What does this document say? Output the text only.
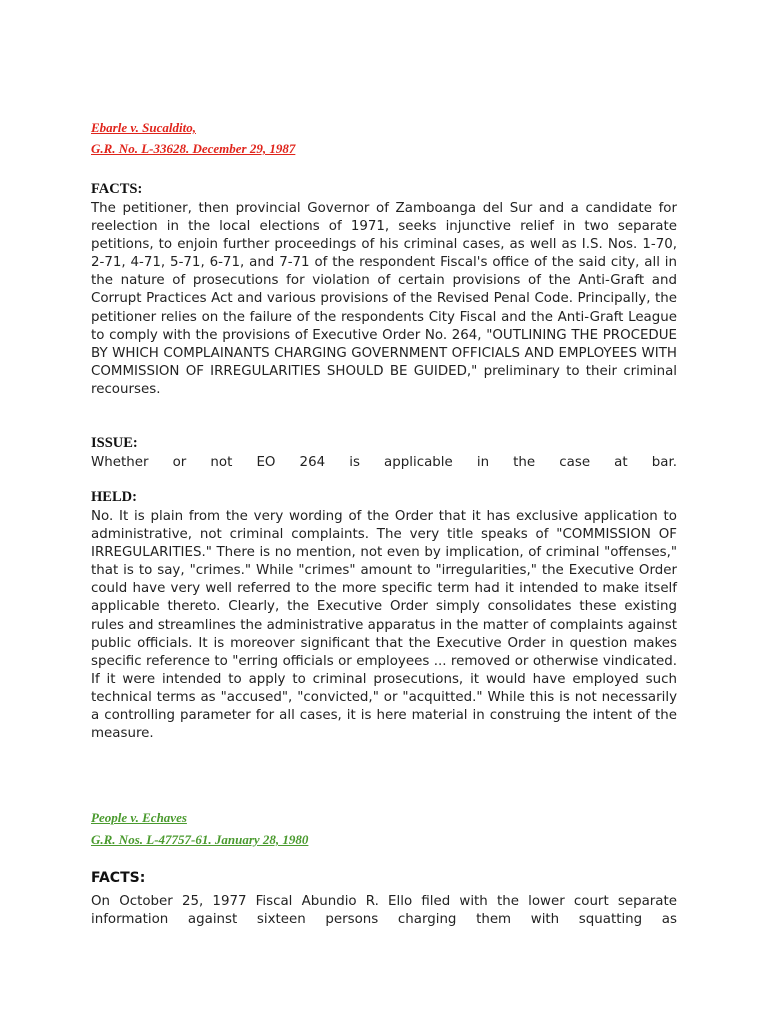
Ebarle v. Sucaldito,

G.R. No. L-33628. December 29, 1987

FACTS:

The petitioner, then provincial Governor of Zamboanga del Sur and a candidate for reelection in the local elections of 1971, seeks injunctive relief in two separate petitions, to enjoin further proceedings of his criminal cases, as well as I.S. Nos. 1-70, 2-71, 4-71, 5-71, 6-71, and 7-71 of the respondent Fiscal's office of the said city, all in the nature of prosecutions for violation of certain provisions of the Anti-Graft and Corrupt Practices Act and various provisions of the Revised Penal Code. Principally, the petitioner relies on the failure of the respondents City Fiscal and the Anti-Graft League to comply with the provisions of Executive Order No. 264, "OUTLINING THE PROCEDUE BY WHICH COMPLAINANTS CHARGING GOVERNMENT OFFICIALS AND EMPLOYEES WITH COMMISSION OF IRREGULARITIES SHOULD BE GUIDED," preliminary to their criminal recourses.

ISSUE:

Whether or not EO 264 is applicable in the case at bar.

HELD:

No. It is plain from the very wording of the Order that it has exclusive application to administrative, not criminal complaints. The very title speaks of "COMMISSION OF IRREGULARITIES." There is no mention, not even by implication, of criminal "offenses," that is to say, "crimes." While "crimes" amount to "irregularities," the Executive Order could have very well referred to the more specific term had it intended to make itself applicable thereto. Clearly, the Executive Order simply consolidates these existing rules and streamlines the administrative apparatus in the matter of complaints against public officials. It is moreover significant that the Executive Order in question makes specific reference to "erring officials or employees ... removed or otherwise vindicated. If it were intended to apply to criminal prosecutions, it would have employed such technical terms as "accused", "convicted," or "acquitted." While this is not necessarily a controlling parameter for all cases, it is here material in construing the intent of the measure.

People v. Echaves

G.R. Nos. L-47757-61. January 28, 1980

FACTS:

On October 25, 1977 Fiscal Abundio R. Ello filed with the lower court separate information against sixteen persons charging them with squatting as
